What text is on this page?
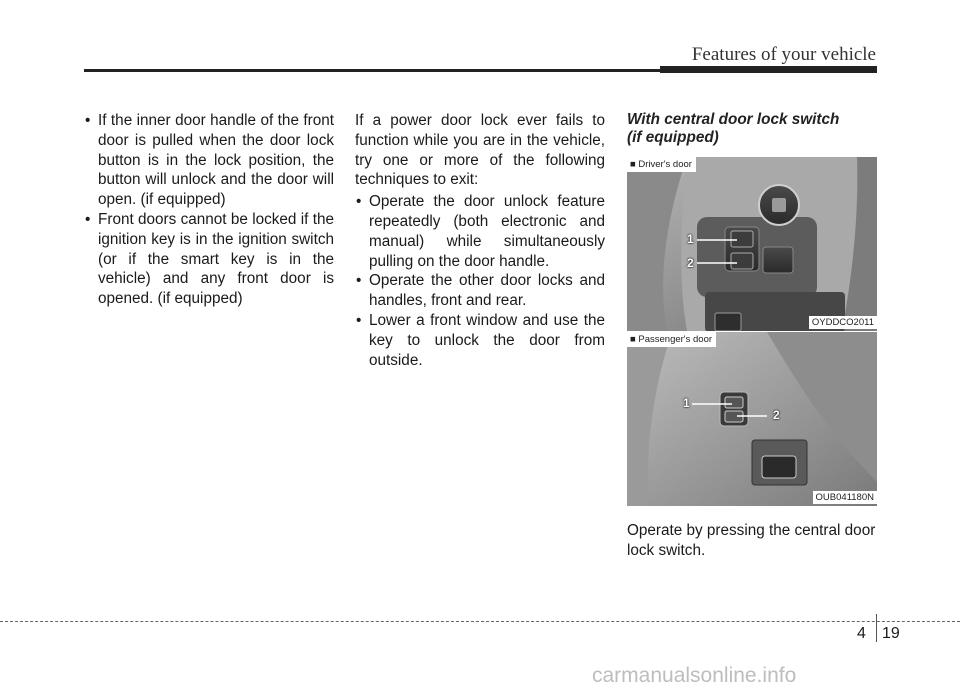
Features of your vehicle
• If the inner door handle of the front door is pulled when the door lock button is in the lock position, the button will unlock and the door will open. (if equipped)
• Front doors cannot be locked if the ignition key is in the ignition switch (or if the smart key is in the vehicle) and any front door is opened. (if equipped)

If a power door lock ever fails to function while you are in the vehicle, try one or more of the following techniques to exit:

• Operate the door unlock feature repeatedly (both electronic and manual) while simultaneously pulling on the door handle.
• Operate the other door locks and handles, front and rear.
• Lower a front window and use the key to unlock the door from outside.
With central door lock switch
(if equipped)
1
2
■ Driver's door
OYDDCO2011
1
2
■ Passenger's door
OUB041180N
Operate by pressing the central door lock switch.
4 19
carmanualsonline.info
